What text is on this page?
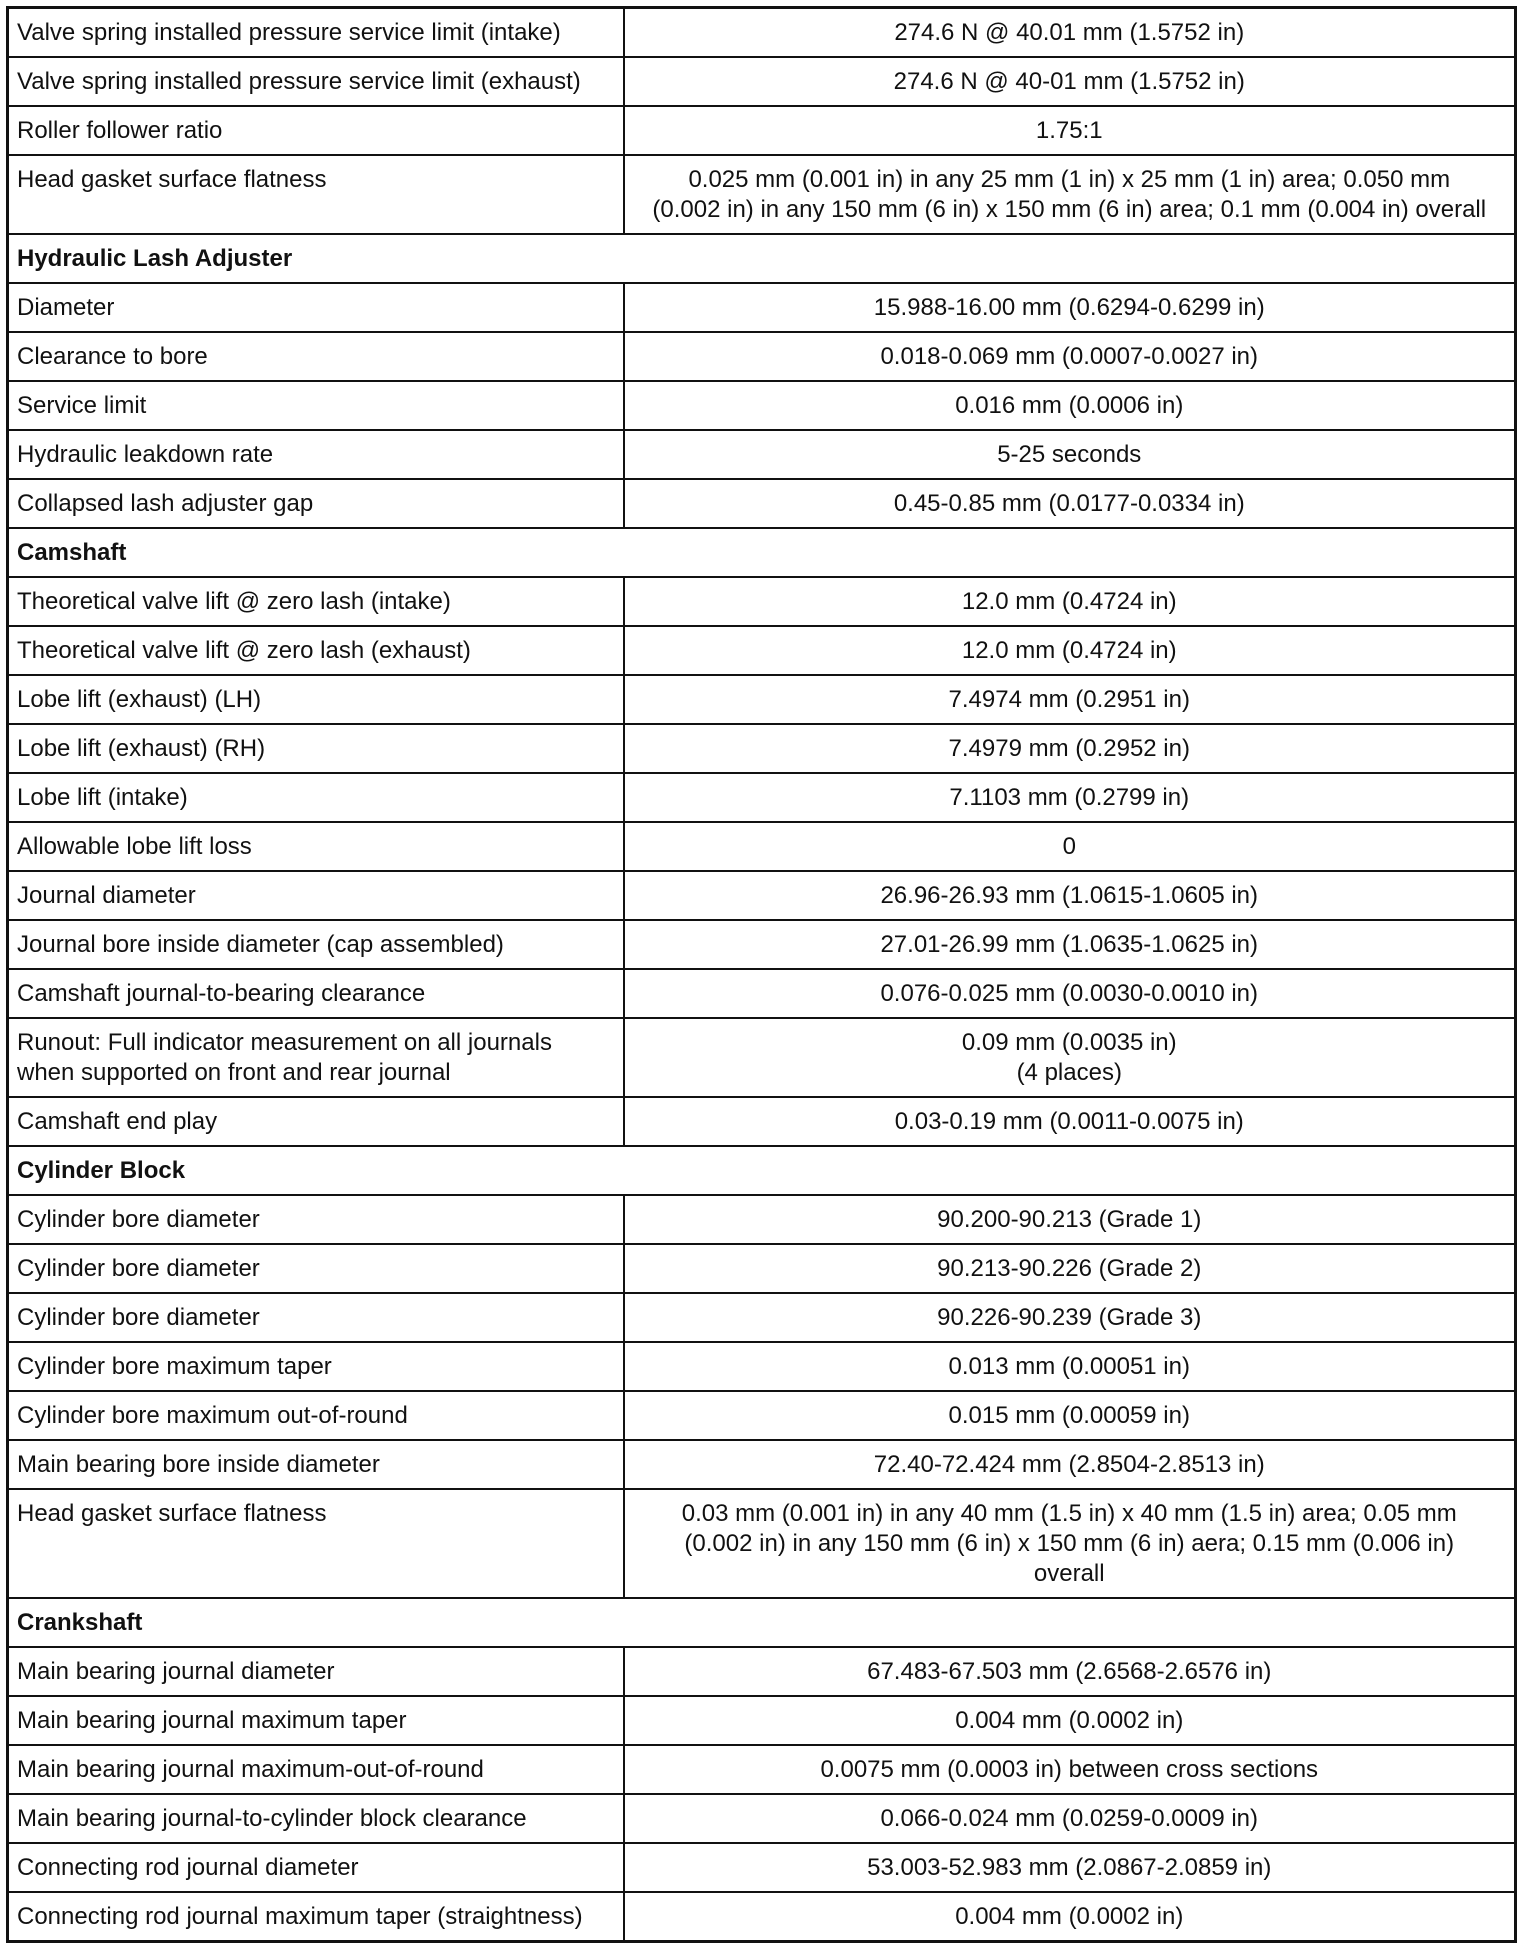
Valve spring installed pressure service limit (intake)	274.6 N @ 40.01 mm (1.5752 in)

Valve spring installed pressure service limit (exhaust)	274.6 N @ 40-01 mm (1.5752 in)

Roller follower ratio	1.75:1

Head gasket surface flatness	0.025 mm (0.001 in) in any 25 mm (1 in) x 25 mm (1 in) area; 0.050 mm
(0.002 in) in any 150 mm (6 in) x 150 mm (6 in) area; 0.1 mm (0.004 in) overall

Hydraulic Lash Adjuster	

Diameter	15.988-16.00 mm (0.6294-0.6299 in)

Clearance to bore	0.018-0.069 mm (0.0007-0.0027 in)

Service limit	0.016 mm (0.0006 in)

Hydraulic leakdown rate	5-25 seconds

Collapsed lash adjuster gap	0.45-0.85 mm (0.0177-0.0334 in)

Camshaft	

Theoretical valve lift @ zero lash (intake)	12.0 mm (0.4724 in)

Theoretical valve lift @ zero lash (exhaust)	12.0 mm (0.4724 in)

Lobe lift (exhaust) (LH)	7.4974 mm (0.2951 in)

Lobe lift (exhaust) (RH)	7.4979 mm (0.2952 in)

Lobe lift (intake)	7.1103 mm (0.2799 in)

Allowable lobe lift loss	0

Journal diameter	26.96-26.93 mm (1.0615-1.0605 in)

Journal bore inside diameter (cap assembled)	27.01-26.99 mm (1.0635-1.0625 in)

Camshaft journal-to-bearing clearance	0.076-0.025 mm (0.0030-0.0010 in)

Runout: Full indicator measurement on all journals
when supported on front and rear journal	0.09 mm (0.0035 in)
(4 places)

Camshaft end play	0.03-0.19 mm (0.0011-0.0075 in)

Cylinder Block	

Cylinder bore diameter	90.200-90.213 (Grade 1)

Cylinder bore diameter	90.213-90.226 (Grade 2)

Cylinder bore diameter	90.226-90.239 (Grade 3)

Cylinder bore maximum taper	0.013 mm (0.00051 in)

Cylinder bore maximum out-of-round	0.015 mm (0.00059 in)

Main bearing bore inside diameter	72.40-72.424 mm (2.8504-2.8513 in)

Head gasket surface flatness	0.03 mm (0.001 in) in any 40 mm (1.5 in) x 40 mm (1.5 in) area; 0.05 mm
(0.002 in) in any 150 mm (6 in) x 150 mm (6 in) aera; 0.15 mm (0.006 in)
overall

Crankshaft	

Main bearing journal diameter	67.483-67.503 mm (2.6568-2.6576 in)

Main bearing journal maximum taper	0.004 mm (0.0002 in)

Main bearing journal maximum-out-of-round	0.0075 mm (0.0003 in) between cross sections

Main bearing journal-to-cylinder block clearance	0.066-0.024 mm (0.0259-0.0009 in)

Connecting rod journal diameter	53.003-52.983 mm (2.0867-2.0859 in)

Connecting rod journal maximum taper (straightness)	0.004 mm (0.0002 in)
